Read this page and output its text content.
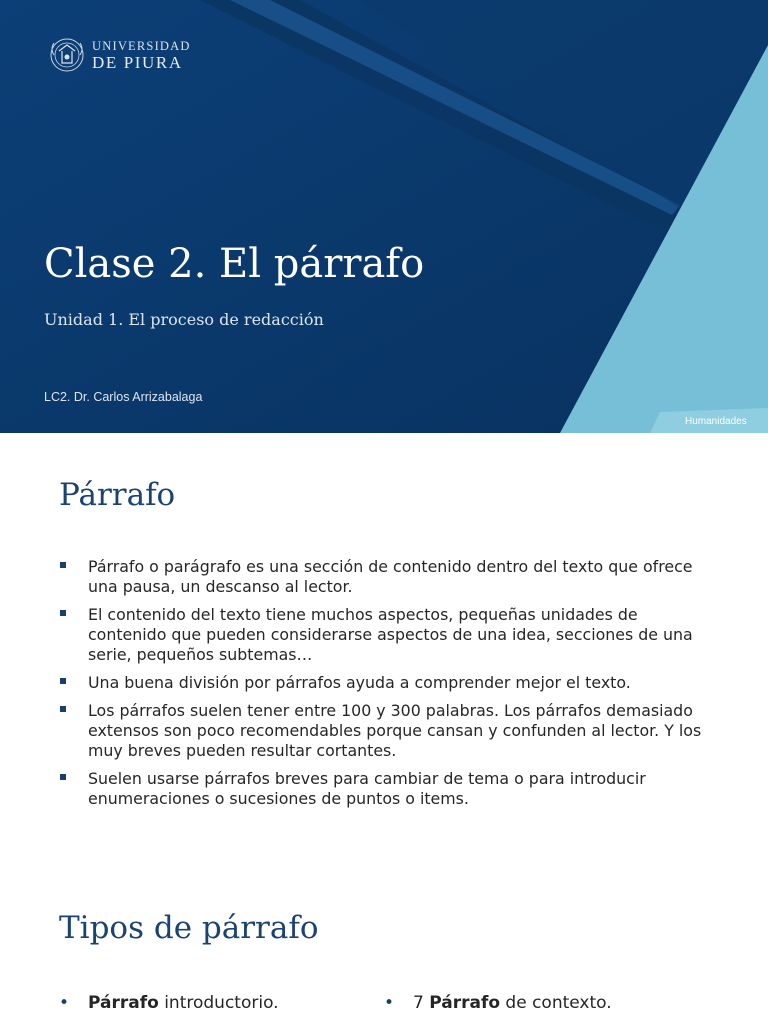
UNIVERSIDAD
DE PIURA
Clase 2. El párrafo
Unidad 1. El proceso de redacción
LC2. Dr. Carlos Arrizabalaga
Humanidades
Párrafo
Párrafo o parágrafo es una sección de contenido dentro del texto que ofrece una pausa, un descanso al lector.
El contenido del texto tiene muchos aspectos, pequeñas unidades de contenido que pueden considerarse aspectos de una idea, secciones de una serie, pequeños subtemas…
Una buena división por párrafos ayuda a comprender mejor el texto.
Los párrafos suelen tener entre 100 y 300 palabras. Los párrafos demasiado extensos son poco recomendables porque cansan y confunden al lector. Y los muy breves pueden resultar cortantes.
Suelen usarse párrafos breves para cambiar de tema o para introducir enumeraciones o sucesiones de puntos o items.
Tipos de párrafo
• Párrafo introductorio.	• 7 Párrafo de contexto.
